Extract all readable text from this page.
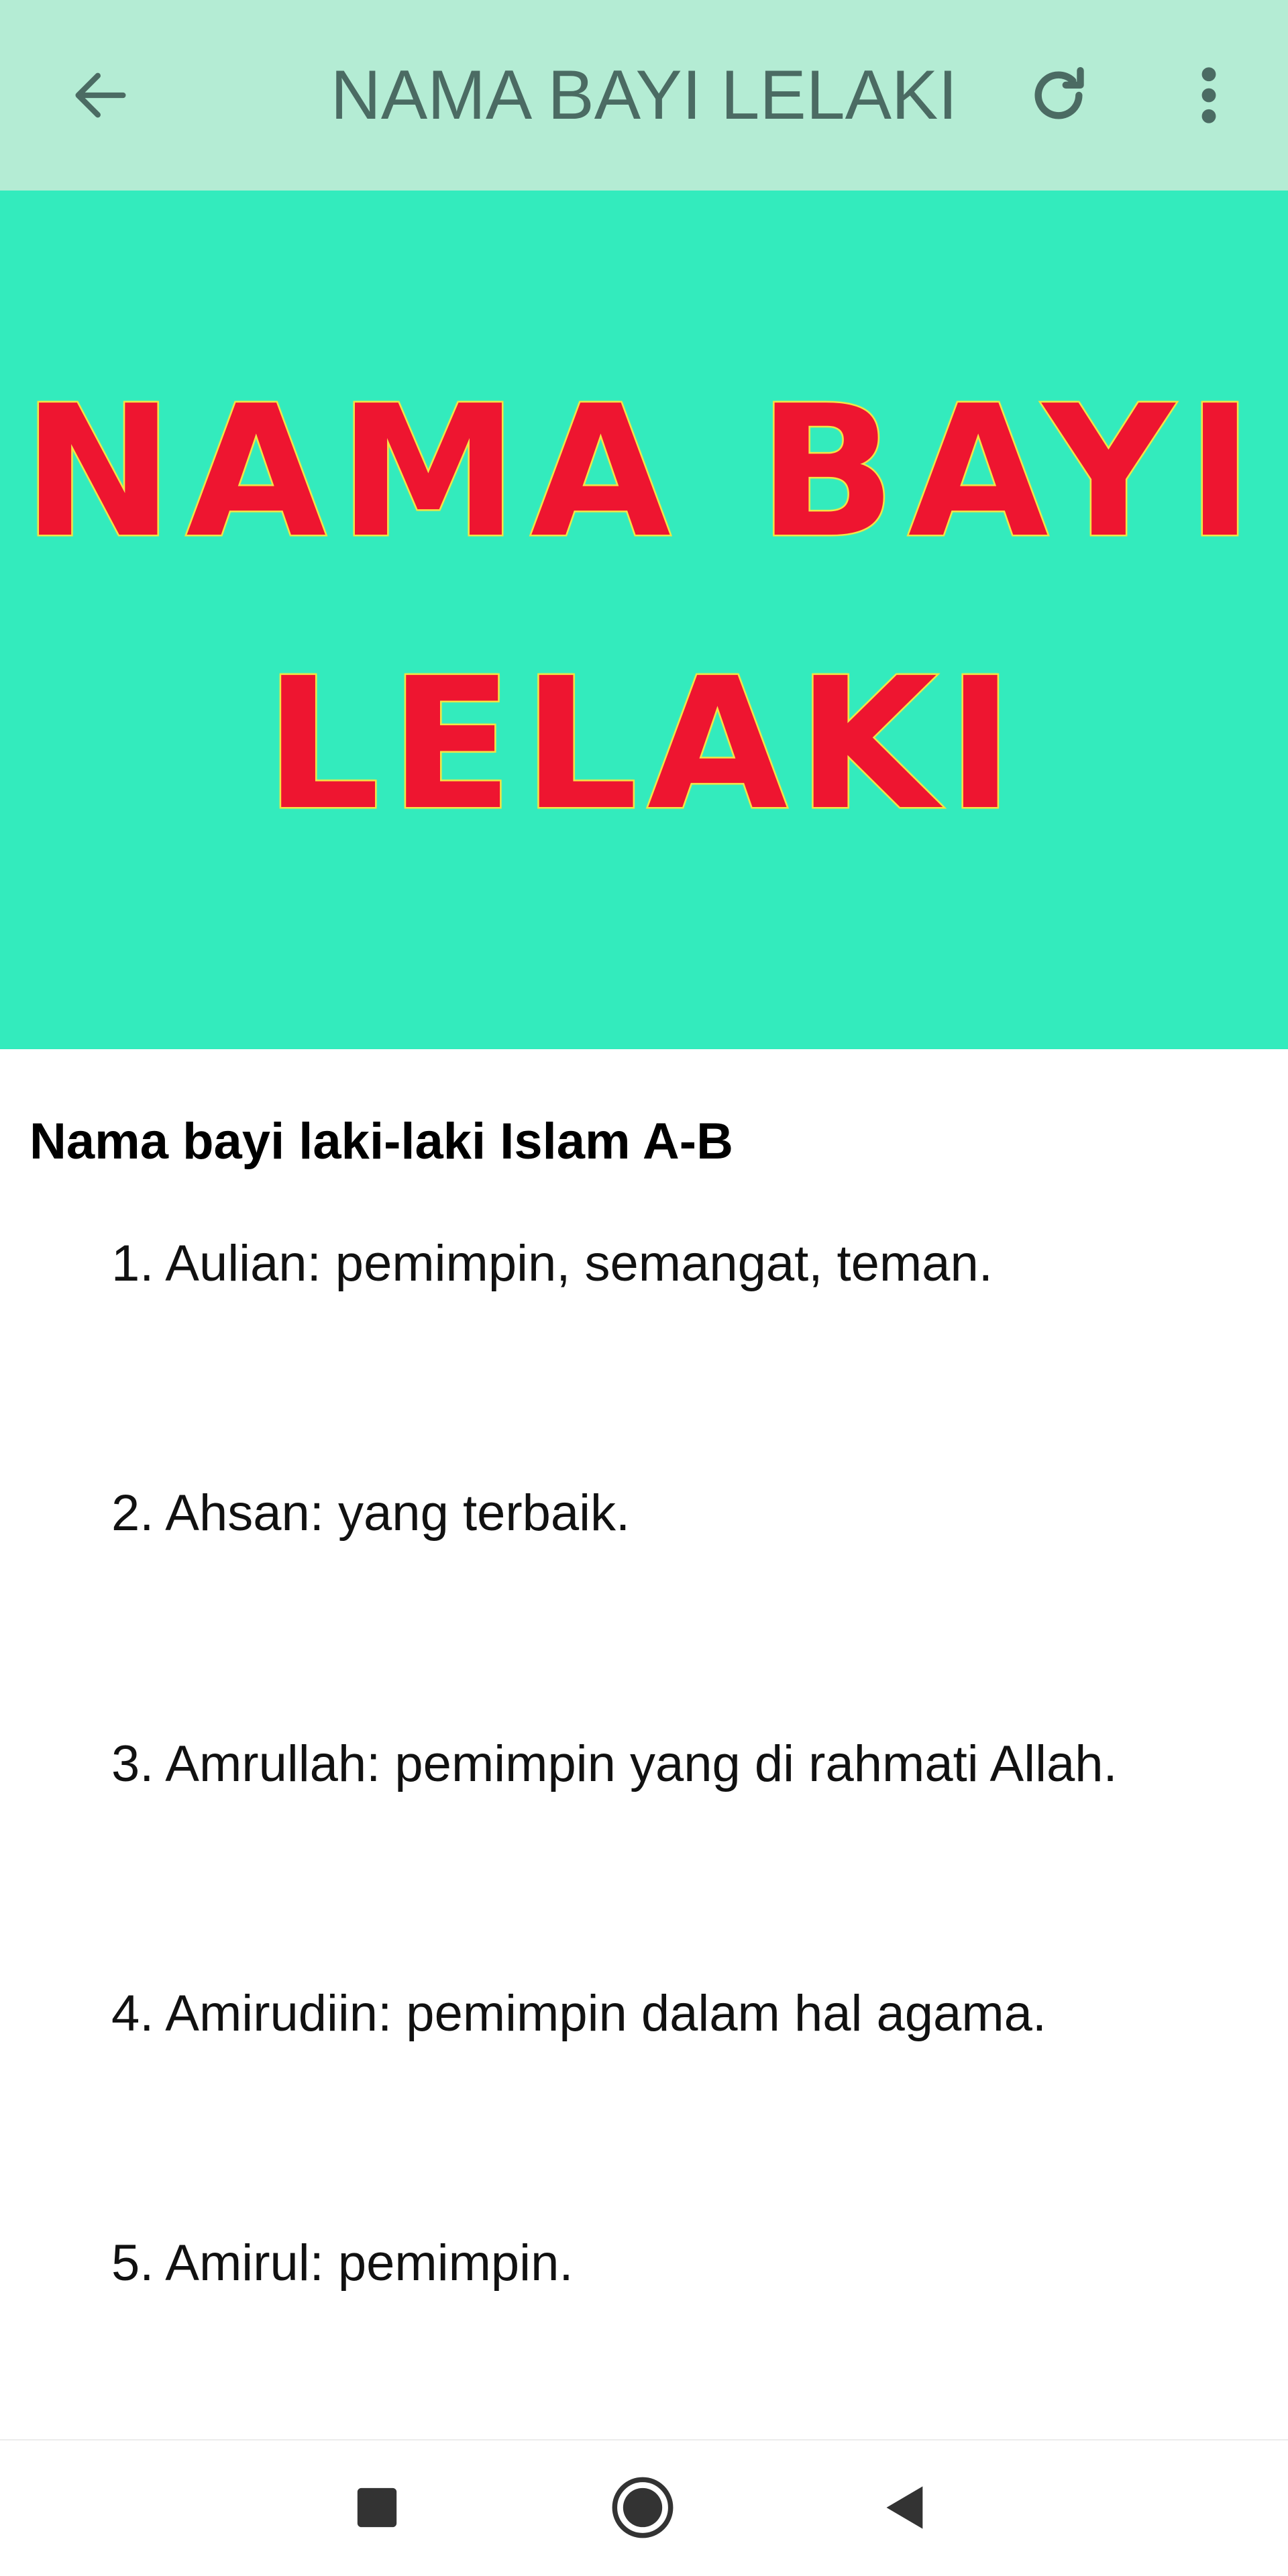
NAMA BAYI LELAKI
NAMA BAYI
LELAKI
Nama bayi laki-laki Islam A-B
1. Aulian: pemimpin, semangat, teman.
2. Ahsan: yang terbaik.
3. Amrullah: pemimpin yang di rahmati Allah.
4. Amirudiin: pemimpin dalam hal agama.
5. Amirul: pemimpin.
